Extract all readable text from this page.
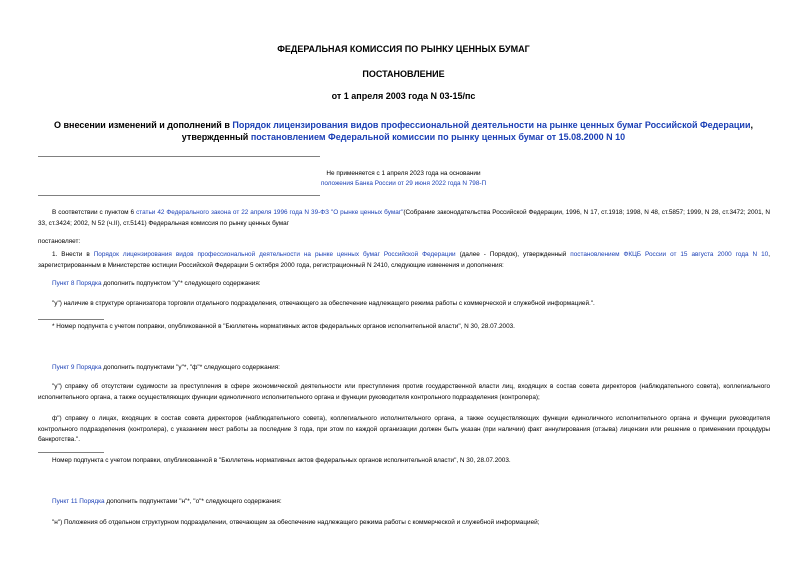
ФЕДЕРАЛЬНАЯ КОМИССИЯ ПО РЫНКУ ЦЕННЫХ БУМАГ
ПОСТАНОВЛЕНИЕ
от 1 апреля 2003 года N 03-15/пс
О внесении изменений и дополнений в Порядок лицензирования видов профессиональной деятельности на рынке ценных бумаг Российской Федерации, утвержденный постановлением Федеральной комиссии по рынку ценных бумаг от 15.08.2000 N 10
Не применяется с 1 апреля 2023 года на основании
положения Банка России от 29 июня 2022 года N 798-П
В соответствии с пунктом 6 статьи 42 Федерального закона от 22 апреля 1996 года N 39-ФЗ "О рынке ценных бумаг"(Собрание законодательства Российской Федерации, 1996, N 17, ст.1918; 1998, N 48, ст.5857; 1999, N 28, ст.3472; 2001, N 33, ст.3424; 2002, N 52 (ч.II), ст.5141) Федеральная комиссия по рынку ценных бумаг
постановляет:
1. Внести в Порядок лицензирования видов профессиональной деятельности на рынке ценных бумаг Российской Федерации (далее - Порядок), утвержденный постановлением ФКЦБ России от 15 августа 2000 года N 10, зарегистрированным в Министерстве юстиции Российской Федерации 5 октября 2000 года, регистрационный N 2410, следующие изменения и дополнения:
Пункт 8 Порядка дополнить подпунктом "у"* следующего содержания:
"у") наличие в структуре организатора торговли отдельного подразделения, отвечающего за обеспечение надлежащего режима работы с коммерческой и служебной информацией.".
* Номер подпункта с учетом поправки, опубликованной в "Бюллетень нормативных актов федеральных органов исполнительной власти", N 30, 28.07.2003.
Пункт 9 Порядка дополнить подпунктами "у"*, "ф"* следующего содержания:
"у") справку об отсутствии судимости за преступления в сфере экономической деятельности или преступления против государственной власти лиц, входящих в состав совета директоров (наблюдательного совета), коллегиального исполнительного органа, а также осуществляющих функции единоличного исполнительного органа и функции руководителя контрольного подразделения (контролера);
ф") справку о лицах, входящих в состав совета директоров (наблюдательного совета), коллегиального исполнительного органа, а также осуществляющих функции единоличного исполнительного органа и функции руководителя контрольного подразделения (контролера), с указанием мест работы за последние 3 года, при этом по каждой организации должен быть указан (при наличии) факт аннулирования (отзыва) лицензии или решение о применении процедуры банкротства.".
Номер подпункта с учетом поправки, опубликованной в "Бюллетень нормативных актов федеральных органов исполнительной власти", N 30, 28.07.2003.
Пункт 11 Порядка дополнить подпунктами "н"*, "о"* следующего содержания:
"н") Положения об отдельном структурном подразделении, отвечающем за обеспечение надлежащего режима работы с коммерческой и служебной информацией;
